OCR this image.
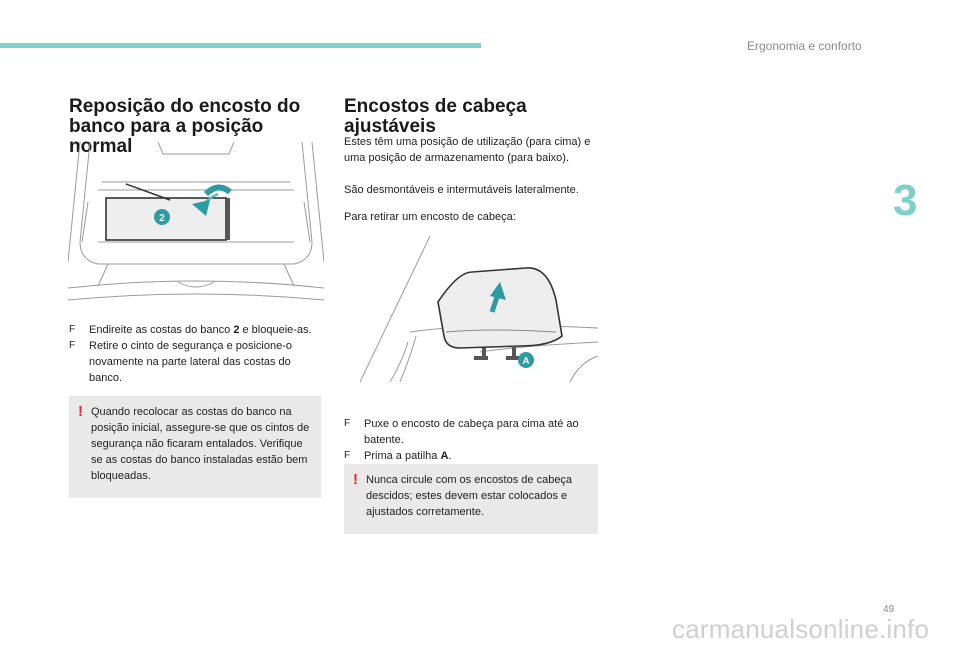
Ergonomia e conforto
3
Reposição do encosto do banco para a posição normal
2
F Endireite as costas do banco 2 e bloqueie-as.
F Retire o cinto de segurança e posicione-o novamente na parte lateral das costas do banco.
! Quando recolocar as costas do banco na posição inicial, assegure-se que os cintos de segurança não ficaram entalados. Verifique se as costas do banco instaladas estão bem bloqueadas.
Encostos de cabeça ajustáveis
Estes têm uma posição de utilização (para cima) e uma posição de armazenamento (para baixo).
São desmontáveis e intermutáveis lateralmente.
Para retirar um encosto de cabeça:
A
F Puxe o encosto de cabeça para cima até ao batente.
F Prima a patilha A.
! Nunca circule com os encostos de cabeça descidos; estes devem estar colocados e ajustados corretamente.
49
carmanualsonline.info
